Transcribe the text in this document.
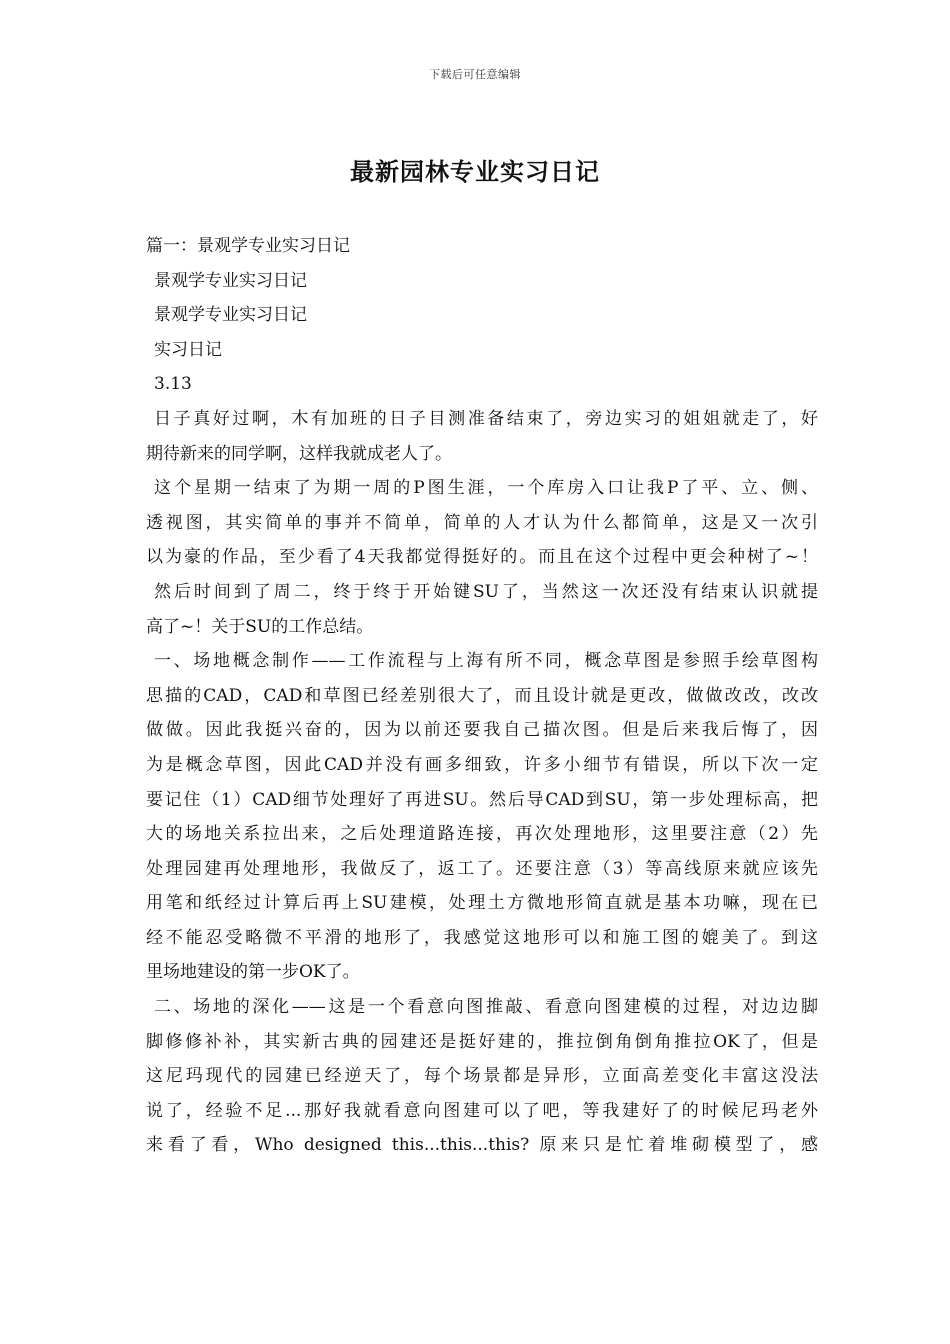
下载后可任意编辑
最新园林专业实习日记
篇一：景观学专业实习日记
景观学专业实习日记
景观学专业实习日记
实习日记
3.13
日子真好过啊，木有加班的日子目测准备结束了，旁边实习的姐姐就走了，好
期待新来的同学啊，这样我就成老人了。
这个星期一结束了为期一周的P图生涯，一个库房入口让我P了平、立、侧、
透视图，其实简单的事并不简单，简单的人才认为什么都简单，这是又一次引
以为豪的作品，至少看了4天我都觉得挺好的。而且在这个过程中更会种树了~！
然后时间到了周二，终于终于开始键SU了，当然这一次还没有结束认识就提
高了~！关于SU的工作总结。
一、场地概念制作——工作流程与上海有所不同，概念草图是参照手绘草图构
思描的CAD，CAD和草图已经差别很大了，而且设计就是更改，做做改改，改改
做做。因此我挺兴奋的，因为以前还要我自己描次图。但是后来我后悔了，因
为是概念草图，因此CAD并没有画多细致，许多小细节有错误，所以下次一定
要记住（1）CAD细节处理好了再进SU。然后导CAD到SU，第一步处理标高，把
大的场地关系拉出来，之后处理道路连接，再次处理地形，这里要注意（2）先
处理园建再处理地形，我做反了，返工了。还要注意（3）等高线原来就应该先
用笔和纸经过计算后再上SU建模，处理土方微地形简直就是基本功嘛，现在已
经不能忍受略微不平滑的地形了，我感觉这地形可以和施工图的媲美了。到这
里场地建设的第一步OK了。
二、场地的深化——这是一个看意向图推敲、看意向图建模的过程，对边边脚
脚修修补补，其实新古典的园建还是挺好建的，推拉倒角倒角推拉OK了，但是
这尼玛现代的园建已经逆天了，每个场景都是异形，立面高差变化丰富这没法
说了，经验不足...那好我就看意向图建可以了吧，等我建好了的时候尼玛老外
来看了看，Who designed this...this...this? 原来只是忙着堆砌模型了，感
